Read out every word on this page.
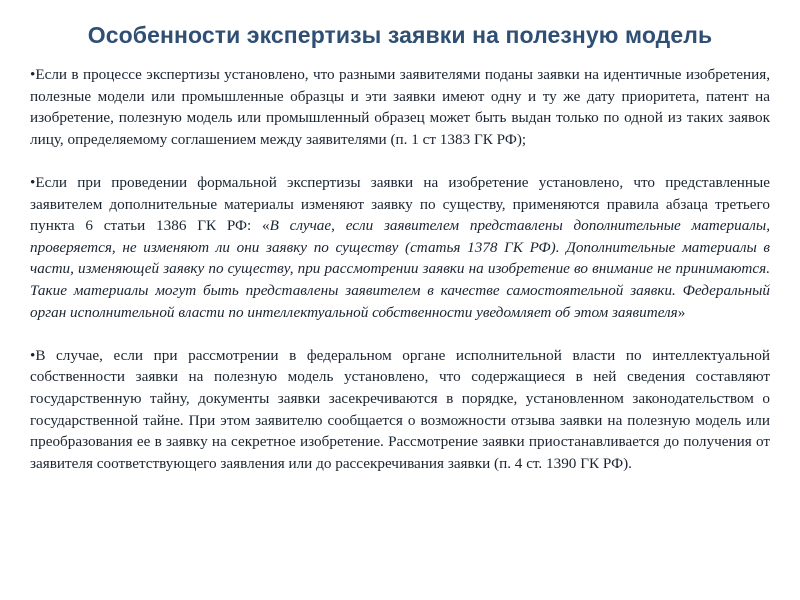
Особенности экспертизы заявки на полезную модель

•Если в процессе экспертизы установлено, что разными заявителями поданы заявки на идентичные изобретения, полезные модели или промышленные образцы и эти заявки имеют одну и ту же дату приоритета, патент на изобретение, полезную модель или промышленный образец может быть выдан только по одной из таких заявок лицу, определяемому соглашением между заявителями (п. 1 ст 1383 ГК РФ);

•Если при проведении формальной экспертизы заявки на изобретение установлено, что представленные заявителем дополнительные материалы изменяют заявку по существу, применяются правила абзаца третьего пункта 6 статьи 1386 ГК РФ: «В случае, если заявителем представлены дополнительные материалы, проверяется, не изменяют ли они заявку по существу (статья 1378 ГК РФ). Дополнительные материалы в части, изменяющей заявку по существу, при рассмотрении заявки на изобретение во внимание не принимаются. Такие материалы могут быть представлены заявителем в качестве самостоятельной заявки. Федеральный орган исполнительной власти по интеллектуальной собственности уведомляет об этом заявителя»

•В случае, если при рассмотрении в федеральном органе исполнительной власти по интеллектуальной собственности заявки на полезную модель установлено, что содержащиеся в ней сведения составляют государственную тайну, документы заявки засекречиваются в порядке, установленном законодательством о государственной тайне. При этом заявителю сообщается о возможности отзыва заявки на полезную модель или преобразования ее в заявку на секретное изобретение. Рассмотрение заявки приостанавливается до получения от заявителя соответствующего заявления или до рассекречивания заявки (п. 4 ст. 1390 ГК РФ).
